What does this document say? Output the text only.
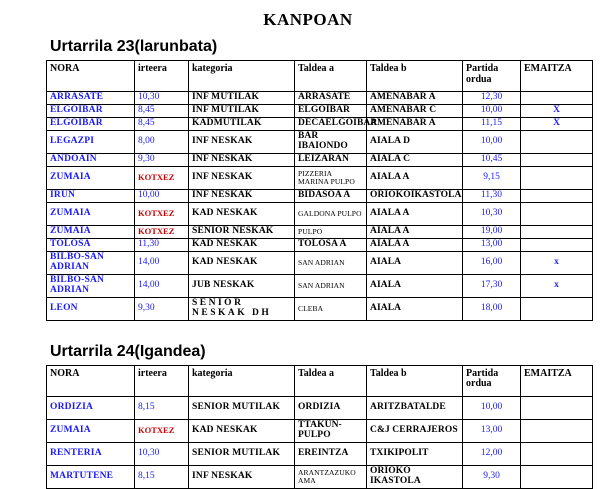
KANPOAN
Urtarrila 23(larunbata)
NORA	irteera	kategoria	Taldea a	Taldea b	Partida ordua	EMAITZA
ARRASATE	10,30	INF MUTILAK	ARRASATE	AMENABAR A	12,30	
ELGOIBAR	8,45	INF MUTILAK	ELGOIBAR	AMENABAR C	10,00	X
ELGOIBAR	8,45	KADMUTILAK	DECAELGOIBAR	AMENABAR A	11,15	X
LEGAZPI	8,00	INF NESKAK	BAR IBAIONDO	AIALA D	10,00	
ANDOAIN	9,30	INF NESKAK	LEIZARAN	AIALA C	10,45	
ZUMAIA	KOTXEZ	INF NESKAK	PIZZERIA MARINA PULPO	AIALA A	9,15	
IRUN	10,00	INF NESKAK	BIDASOA A	ORIOKOIKASTOLA	11,30	
ZUMAIA	KOTXEZ	KAD NESKAK	GALDONA PULPO	AIALA A	10,30	
ZUMAIA	KOTXEZ	SENIOR NESKAK	PULPO	AIALA A	19,00	
TOLOSA	11,30	KAD NESKAK	TOLOSA A	AIALA A	13,00	
BILBO-SAN ADRIAN	14,00	KAD NESKAK	SAN ADRIAN	AIALA	16,00	x
BILBO-SAN ADRIAN	14,00	JUB NESKAK	SAN ADRIAN	AIALA	17,30	x
LEON	9,30	SENIOR NESKAK DH	CLEBA	AIALA	18,00	
Urtarrila 24(Igandea)
NORA	irteera	kategoria	Taldea a	Taldea b	Partida ordua	EMAITZA
ORDIZIA	8,15	SENIOR MUTILAK	ORDIZIA	ARITZBATALDE	10,00	
ZUMAIA	KOTXEZ	KAD NESKAK	TTAKUN-PULPO	C&J CERRAJEROS	13,00	
RENTERIA	10,30	SENIOR MUTILAK	EREINTZA	TXIKIPOLIT	12,00	
MARTUTENE	8,15	INF NESKAK	ARANTZAZUKO AMA	ORIOKO IKASTOLA	9,30	
